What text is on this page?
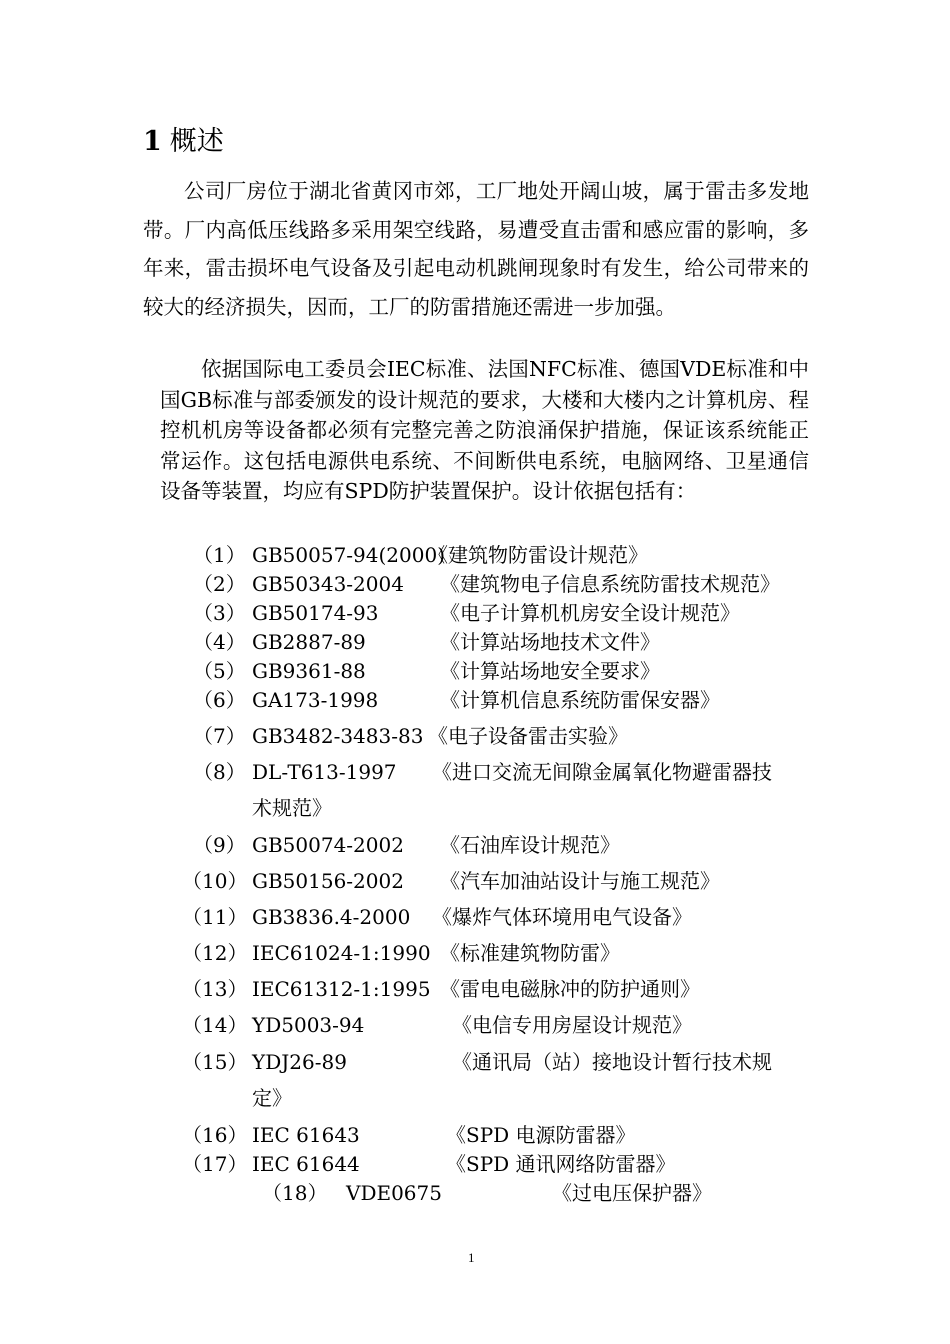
1 概述
公司厂房位于湖北省黄冈市郊，工厂地处开阔山坡，属于雷击多发地带。厂内高低压线路多采用架空线路，易遭受直击雷和感应雷的影响，多年来，雷击损坏电气设备及引起电动机跳闸现象时有发生，给公司带来的较大的经济损失，因而，工厂的防雷措施还需进一步加强。
依据国际电工委员会IEC标准、法国NFC标准、德国VDE标准和中国GB标准与部委颁发的设计规范的要求，大楼和大楼内之计算机房、程控机机房等设备都必须有完整完善之防浪涌保护措施，保证该系统能正常运作。这包括电源供电系统、不间断供电系统，电脑网络、卫星通信设备等装置，均应有SPD防护装置保护。设计依据包括有：
（1） GB50057-94(2000)
《建筑物防雷设计规范》
（2） GB50343-2004 《建筑物电子信息系统防雷技术规范》
（3） GB50174-93	《电子计算机机房安全设计规范》
（4） GB2887-89	《计算站场地技术文件》
（5） GB9361-88	《计算站场地安全要求》
（6） GA173-1998	《计算机信息系统防雷保安器》
（7） GB3482-3483-83 《电子设备雷击实验》
（8） DL-T613-1997 《进口交流无间隙金属氧化物避雷器技
术规范》
（9） GB50074-2002 《石油库设计规范》
（10） GB50156-2002 《汽车加油站设计与施工规范》
（11） GB3836.4-2000 《爆炸气体环境用电气设备》
（12） IEC61024-1:1990 《标准建筑物防雷》
（13） IEC61312-1:1995 《雷电电磁脉冲的防护通则》
（14） YD5003-94	《电信专用房屋设计规范》
（15） YDJ26-89	《通讯局（站）接地设计暂行技术规
定》
（16） IEC 61643	《SPD 电源防雷器》
（17） IEC 61644	《SPD 通讯网络防雷器》
（18） VDE0675	《过电压保护器》
1
